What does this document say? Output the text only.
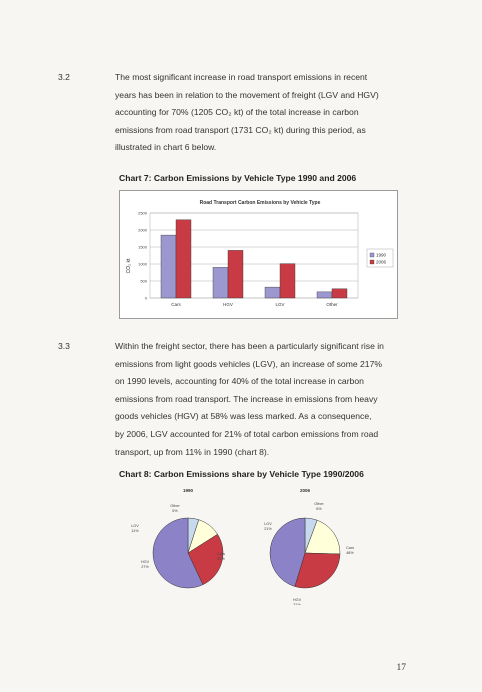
3.2	The most significant increase in road transport emissions in recent
years has been in relation to the movement of freight (LGV and HGV)
accounting for 70% (1205 CO₂ kt) of the total increase in carbon
emissions from road transport (1731 CO₂ kt) during this period, as
illustrated in chart 6 below.
Chart 7: Carbon Emissions by Vehicle Type 1990 and 2006
Road Transport Carbon Emissions by Vehicle Type
CO₂ kt
0
500
1000
1500
2000
2500
Cars	HGV	LGV	Other
1990
2006
3.3	Within the freight sector, there has been a particularly significant rise in
emissions from light goods vehicles (LGV), an increase of some 217%
on 1990 levels, accounting for 40% of the total increase in carbon
emissions from road transport. The increase in emissions from heavy
goods vehicles (HGV) at 58% was less marked. As a consequence,
by 2006, LGV accounted for 21% of total carbon emissions from road
transport, up from 11% in 1990 (chart 8).
Chart 8: Carbon Emissions share by Vehicle Type 1990/2006
1990
Cars
57%
HGV
27%
LGV
11%
Other
5%
2006
Cars
48%
HGV
31%
LGV
21%
Other
6%
17
